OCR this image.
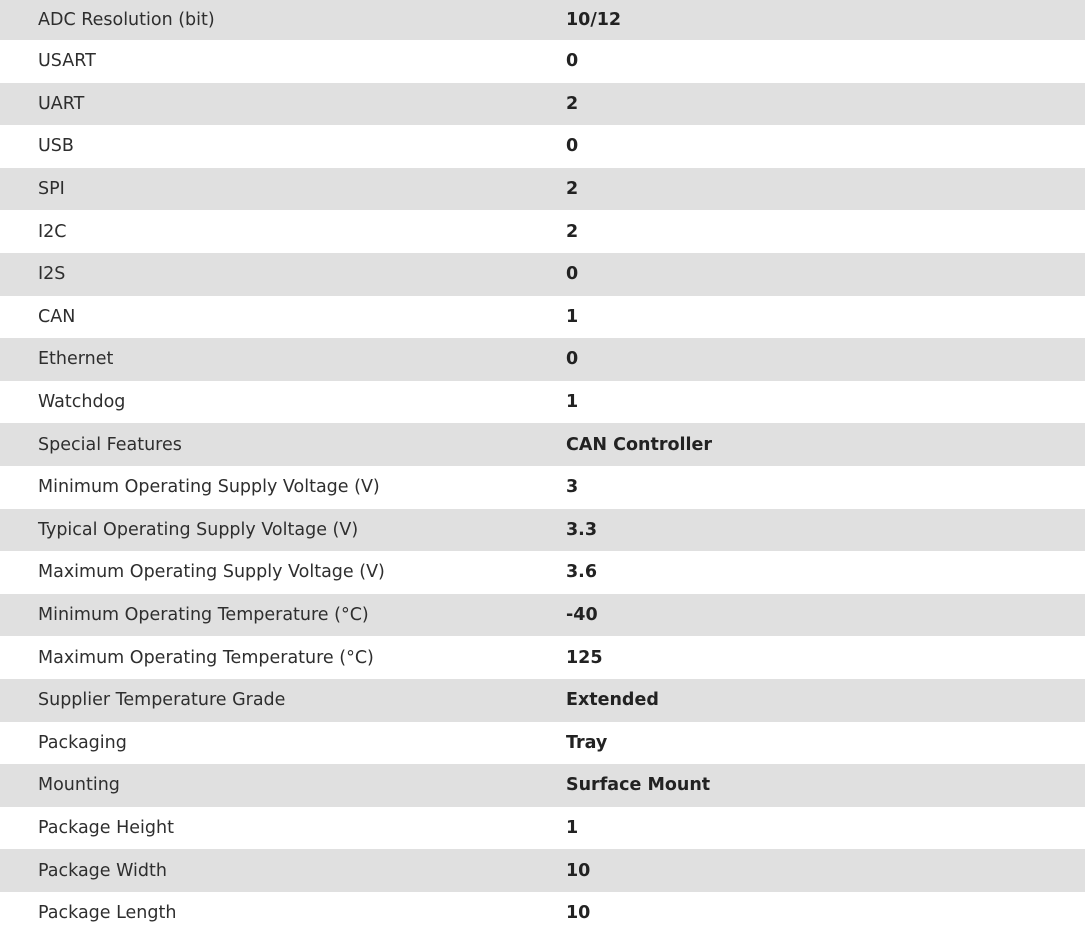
ADC Resolution (bit)	10/12
USART	0
UART	2
USB	0
SPI	2
I2C	2
I2S	0
CAN	1
Ethernet	0
Watchdog	1
Special Features	CAN Controller
Minimum Operating Supply Voltage (V)	3
Typical Operating Supply Voltage (V)	3.3
Maximum Operating Supply Voltage (V)	3.6
Minimum Operating Temperature (°C)	-40
Maximum Operating Temperature (°C)	125
Supplier Temperature Grade	Extended
Packaging	Tray
Mounting	Surface Mount
Package Height	1
Package Width	10
Package Length	10
